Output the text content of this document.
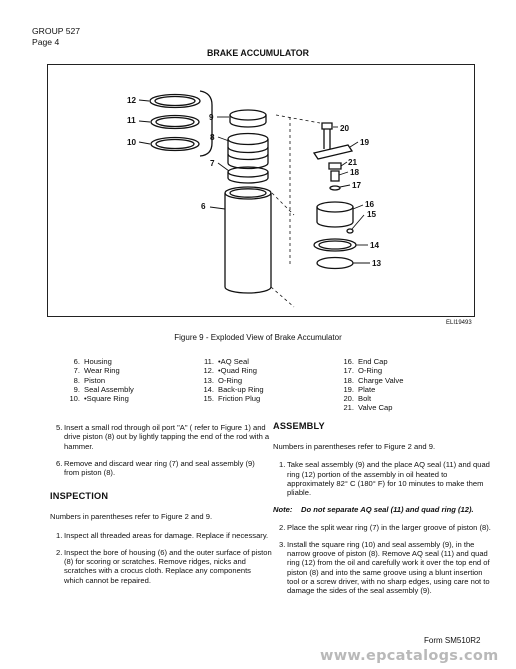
GROUP 527
Page 4
BRAKE ACCUMULATOR
12
11
10
9
8
7
6
20
19
21
18
17
16
15
14
13
ELI19493
Figure 9 - Exploded View of Brake Accumulator
6. Housing
7. Wear Ring
8. Piston
9. Seal Assembly
10. •Square Ring
11. •AQ Seal
12. •Quad Ring
13. O-Ring
14. Back-up Ring
15. Friction Plug
16. End Cap
17. O-Ring
18. Charge Valve
19. Plate
20. Bolt
21. Valve Cap
5. Insert a small rod through oil port "A" ( refer to Figure 1) and drive piston (8) out by lightly tapping the end of the rod with a hammer.
6. Remove and discard wear ring (7) and seal assembly (9) from piston (8).
INSPECTION
Numbers in parentheses refer to Figure 2 and 9.
1. Inspect all threaded areas for damage. Replace if necessary.
2. Inspect the bore of housing (6) and the outer surface of piston (8) for scoring or scratches. Remove ridges, nicks and scratches with a crocus cloth. Replace any components which cannot be repaired.
ASSEMBLY
Numbers in parentheses refer to Figure 2 and 9.
1. Take seal assembly (9) and the place AQ seal (11) and quad ring (12) portion of the assembly in oil heated to approximately 82° C (180° F) for 10 minutes to make them pliable.
Note: Do not separate AQ seal (11) and quad ring (12).
2. Place the split wear ring (7) in the larger groove of piston (8).
3. Install the square ring (10) and seal assembly (9), in the narrow groove of piston (8). Remove AQ seal (11) and quad ring (12) from the oil and carefully work it over the top end of piston (8) and into the same groove using a blunt insertion tool or a screw driver, with no sharp edges, using care not to damage the sides of the seal assembly (9).
Form SM510R2
www.epcatalogs.com
